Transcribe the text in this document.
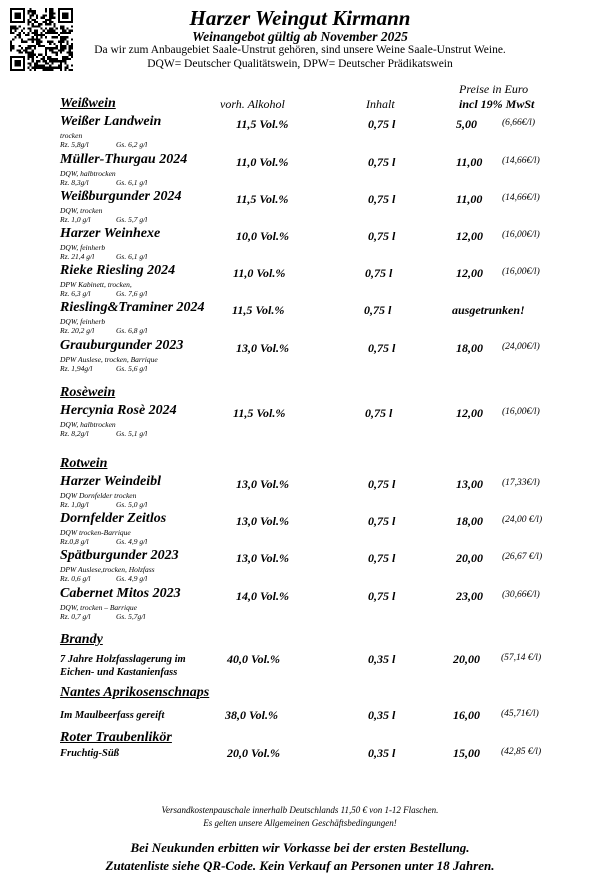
Harzer Weingut Kirmann
Weinangebot gültig ab November 2025
Da wir zum Anbaugebiet Saale-Unstrut gehören, sind unsere Weine Saale-Unstrut Weine.
DQW= Deutscher Qualitätswein, DPW= Deutscher Prädikatswein
Preise in Euro
Weißwein	vorh. Alkohol	Inhalt	incl 19% MwSt
Weißer Landwein
trocken
Rz. 5,8g/l	Gs. 6,2 g/l
11,5 Vol.%	0,75 l	5,00	(6,66€/l)
Müller-Thurgau 2024
DQW, halbtrocken
Rz. 8,3g/l	Gs. 6,1 g/l
11,0 Vol.%	0,75 l	11,00 (14,66€/l)
Weißburgunder 2024
DQW, trocken
Rz. 1,0 g/l	Gs. 5,7 g/l
11,5 Vol.%	0,75 l	11,00 (14,66€/l)
Harzer Weinhexe
DQW, feinherb
Rz. 21,4 g/l	Gs. 6,1 g/l
10,0 Vol.%	0,75 l	12,00 (16,00€/l)
Rieke Riesling 2024
DPW Kabinett, trocken,
Rz. 6,3 g/l	Gs. 7,6 g/l
11,0 Vol.%	0,75 l	12,00 (16,00€/l)
Riesling&Traminer 2024
DQW, feinherb
Rz. 20,2 g/l	Gs. 6,8 g/l
11,5 Vol.%	0,75 l	ausgetrunken!
Grauburgunder 2023
DPW Auslese, trocken, Barrique
Rz. 1,94g/l	Gs. 5,6 g/l
13,0 Vol.%	0,75 l	18,00 (24,00€/l)
Hercynia Rosè 2024
DQW, halbtrocken
Rz. 8,2g/l	Gs. 5,1 g/l
11,5 Vol.%	0,75 l	12,00 (16,00€/l)
Harzer Weindeibl
DQW Dornfelder trocken
Rz. 1,0g/l	Gs. 5,0 g/l
13,0 Vol.%	0,75 l	13,00 (17,33€/l)
Dornfelder Zeitlos
DQW trocken-Barrique
Rz.0,8 g/l	Gs. 4,9 g/l
13,0 Vol.%	0,75 l	18,00 (24,00 €/l)
Spätburgunder 2023
DPW Auslese,trocken, Holzfass
Rz. 0,6 g/l	Gs. 4,9 g/l
13,0 Vol.%	0,75 l	20,00 (26,67 €/l)
Cabernet Mitos 2023
DQW, trocken – Barrique
Rz. 0,7 g/l	Gs. 5,7g/l
14,0 Vol.%	0,75 l	23,00 (30,66€/l)
Rosèwein
Rotwein
Brandy
Nantes Aprikosenschnaps
Roter Traubenlikör
7 Jahre Holzfasslagerung im
Eichen- und Kastanienfass
40,0 Vol.%	0,35 l	20,00 (57,14 €/l)
Im Maulbeerfass gereift	38,0 Vol.%	0,35 l	16,00 (45,71€/l)
Fruchtig-Süß	20,0 Vol.%	0,35 l	15,00 (42,85 €/l)
Versandkostenpauschale innerhalb Deutschlands 11,50 € von 1-12 Flaschen.
Es gelten unsere Allgemeinen Geschäftsbedingungen!
Bei Neukunden erbitten wir Vorkasse bei der ersten Bestellung.
Zutatenliste siehe QR-Code. Kein Verkauf an Personen unter 18 Jahren.
